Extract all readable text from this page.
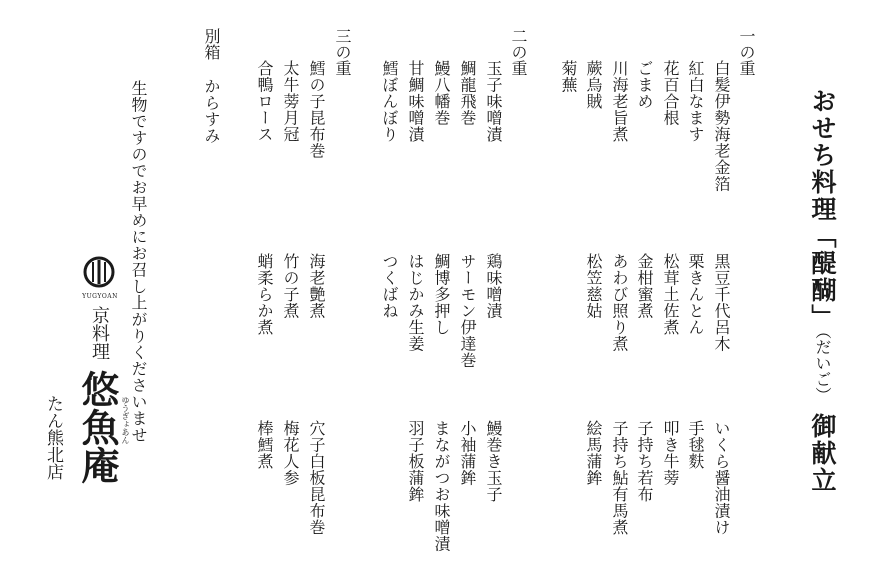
おせち料理「醍醐」（だいご）御献立
一の重
白髪伊勢海老金箔
紅白なます
花百合根
ごまめ
川海老旨煮
蕨烏賊
菊蕪
黒豆千代呂木
栗きんとん
松茸土佐煮
金柑蜜煮
あわび照り煮
松笠慈姑
いくら醤油漬け
手毬麩
叩き牛蒡
子持ち若布
子持ち鮎有馬煮
絵馬蒲鉾
二の重
玉子味噌漬
鯛龍飛巻
鰻八幡巻
甘鯛味噌漬
鱈ぼんぼり
鶏味噌漬
サーモン伊達巻
鯛博多押し
はじかみ生姜
つくばね
鰻巻き玉子
小袖蒲鉾
まながつお味噌漬
羽子板蒲鉾
三の重
鱈の子昆布巻
太牛蒡月冠
合鴨ロース
海老艶煮
竹の子煮
蛸柔らか煮
穴子白板昆布巻
梅花人参
棒鱈煮
別箱
からすみ
生物ですのでお早めにお召し上がりくださいませ
YUGYOAN
京料理
悠魚庵 ゆうぎょあん
たん熊北店
